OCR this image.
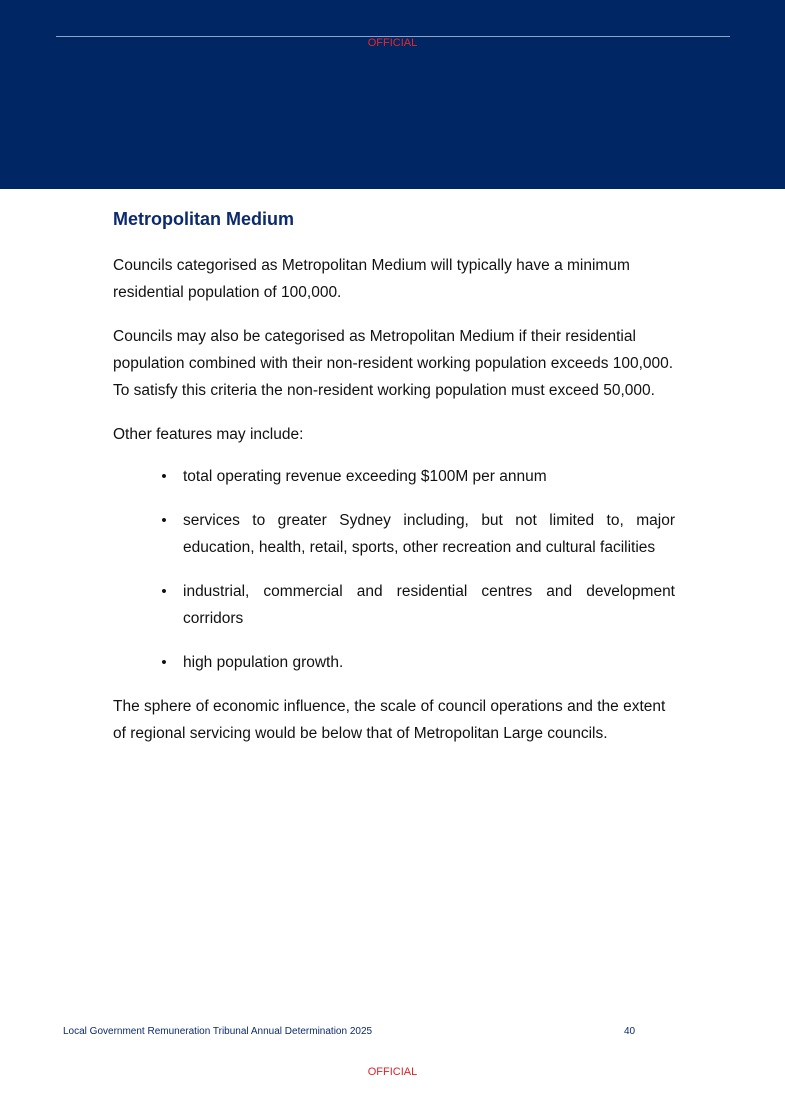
OFFICIAL
Metropolitan Medium

Councils categorised as Metropolitan Medium will typically have a minimum residential population of 100,000.

Councils may also be categorised as Metropolitan Medium if their residential population combined with their non-resident working population exceeds 100,000. To satisfy this criteria the non-resident working population must exceed 50,000.

Other features may include:

• total operating revenue exceeding $100M per annum
• services to greater Sydney including, but not limited to, major education, health, retail, sports, other recreation and cultural facilities
• industrial, commercial and residential centres and development corridors
• high population growth.

The sphere of economic influence, the scale of council operations and the extent of regional servicing would be below that of Metropolitan Large councils.

Local Government Remuneration Tribunal Annual Determination 2025	40
OFFICIAL
